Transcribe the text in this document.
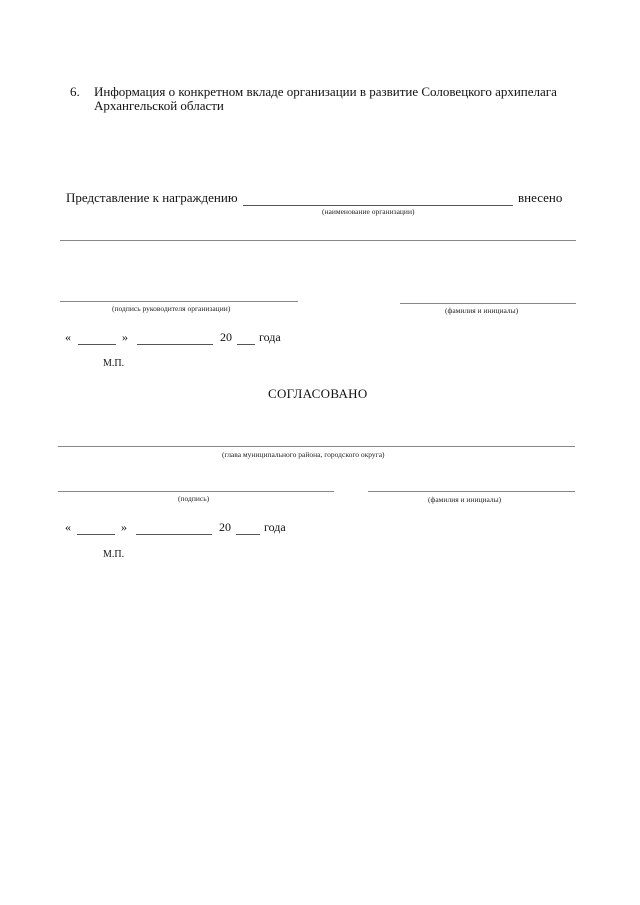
6. Информация о конкретном вкладе организации в развитие Соловецкого архипелага
Архангельской области
Представление к награждению	внесено
(наименование организации)
(подпись руководителя организации)	(фамилия и инициалы)
«	»	20 года
М.П.
СОГЛАСОВАНО
(глава муниципального района, городского округа)
(подпись)	(фамилия и инициалы)
«	»	20	года
М.П.
